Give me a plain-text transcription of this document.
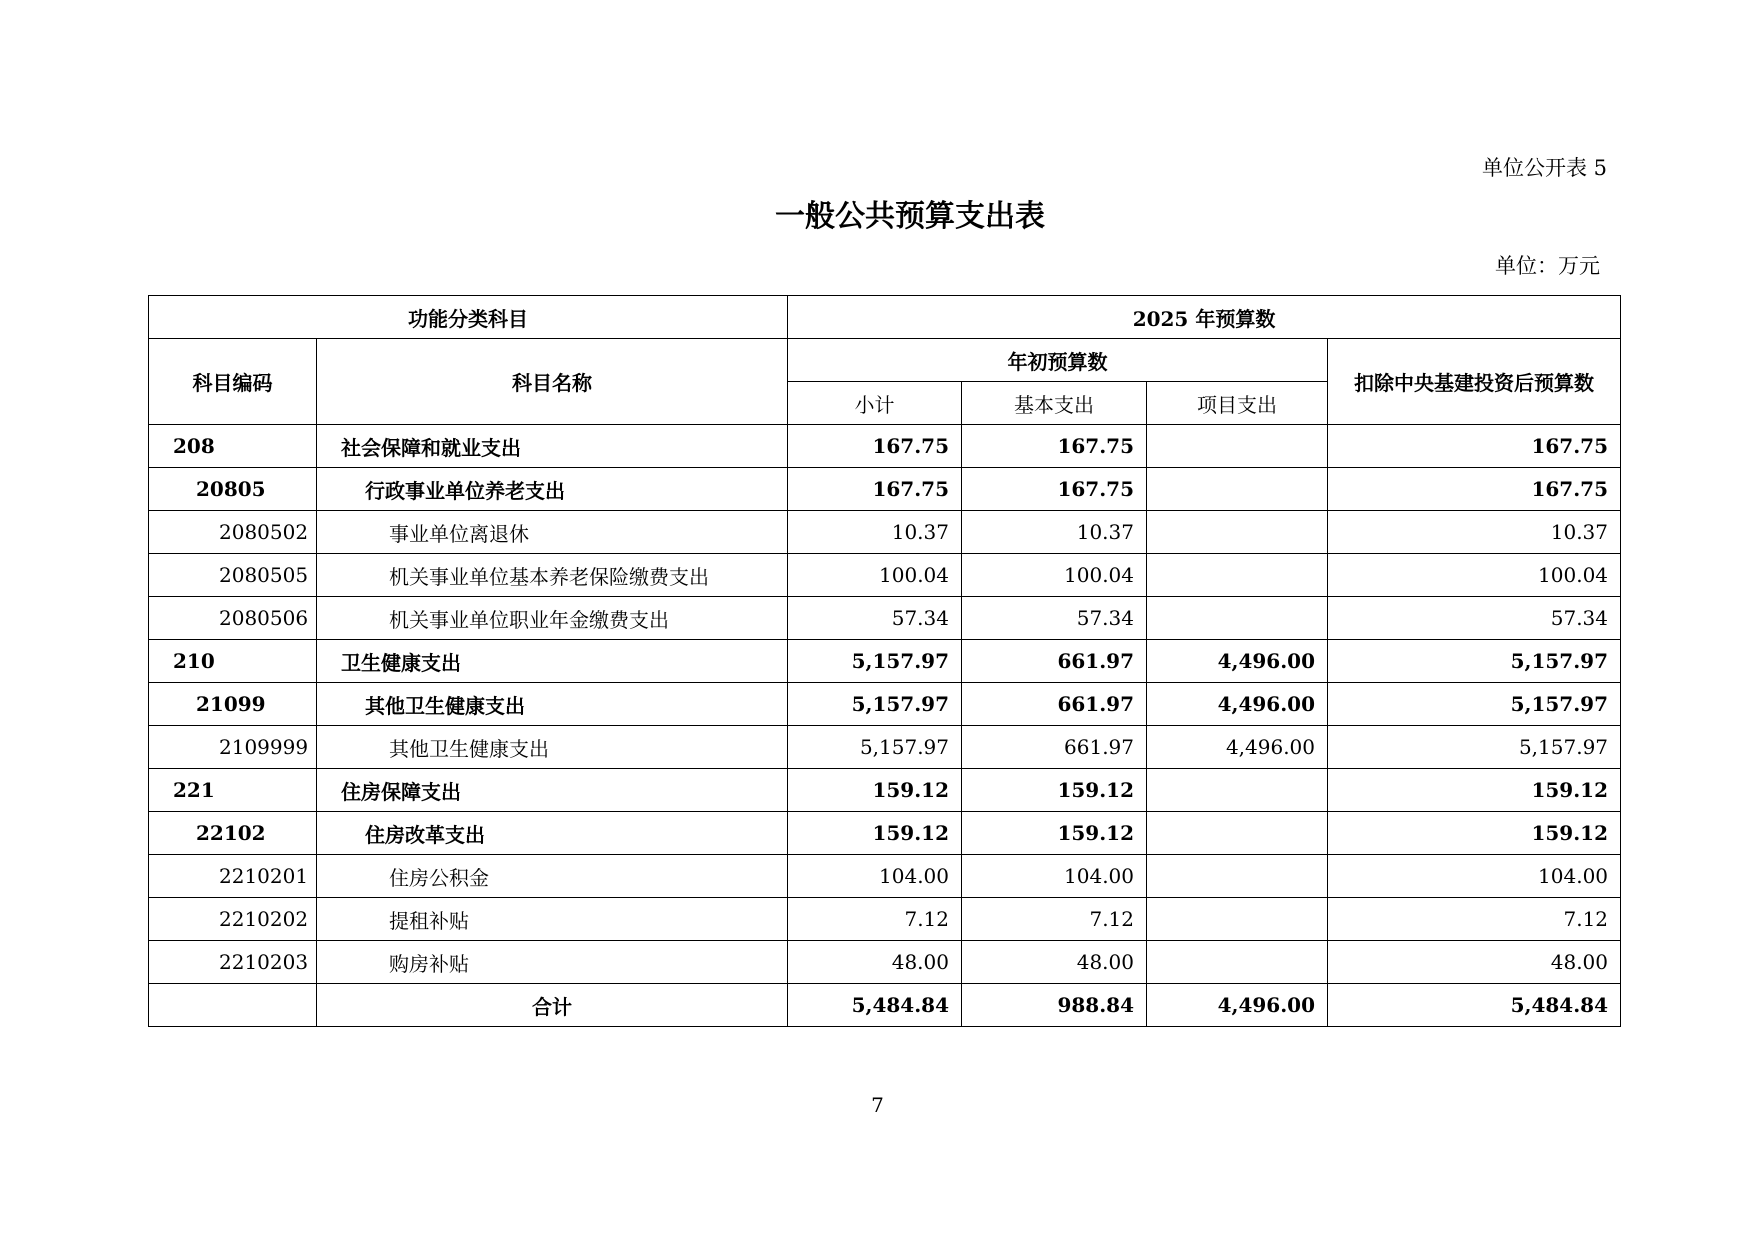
单位公开表 5
一般公共预算支出表
单位：万元
功能分类科目		2025 年预算数			
科目编码	科目名称	年初预算数			扣除中央基建投资后预算数
		小计	基本支出	项目支出	
208	社会保障和就业支出	167.75	167.75		167.75
20805	行政事业单位养老支出	167.75	167.75		167.75
2080502	事业单位离退休	10.37	10.37		10.37
2080505	机关事业单位基本养老保险缴费支出	100.04	100.04		100.04
2080506	机关事业单位职业年金缴费支出	57.34	57.34		57.34
210	卫生健康支出	5,157.97	661.97	4,496.00	5,157.97
21099	其他卫生健康支出	5,157.97	661.97	4,496.00	5,157.97
2109999	其他卫生健康支出	5,157.97	661.97	4,496.00	5,157.97
221	住房保障支出	159.12	159.12		159.12
22102	住房改革支出	159.12	159.12		159.12
2210201	住房公积金	104.00	104.00		104.00
2210202	提租补贴	7.12	7.12		7.12
2210203	购房补贴	48.00	48.00		48.00
	合计	5,484.84	988.84	4,496.00	5,484.84
7
